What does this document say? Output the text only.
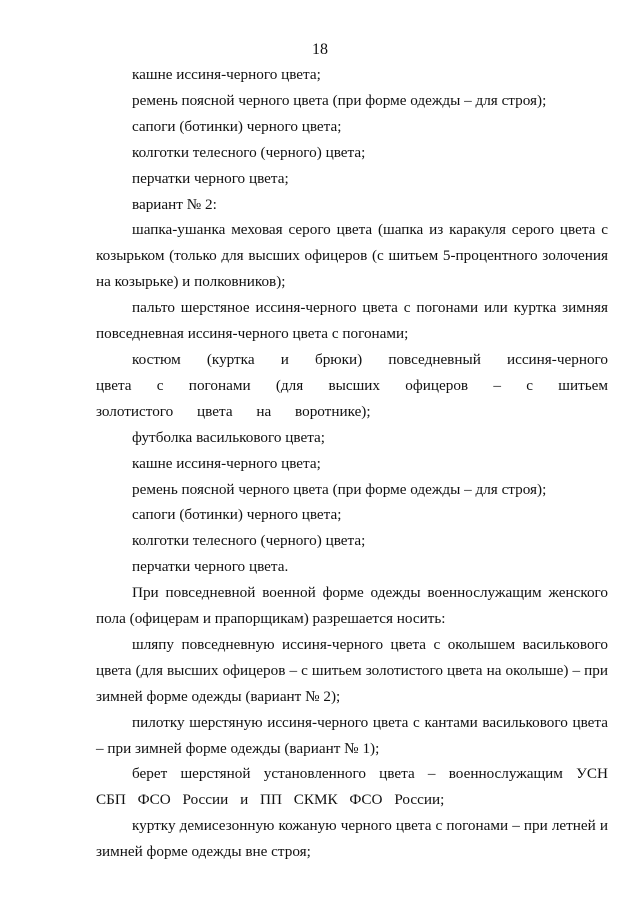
18

кашне иссиня-черного цвета;

ремень поясной черного цвета (при форме одежды – для строя);

сапоги (ботинки) черного цвета;

колготки телесного (черного) цвета;

перчатки черного цвета;

вариант № 2:

шапка-ушанка меховая серого цвета (шапка из каракуля серого цвета с козырьком (только для высших офицеров (с шитьем 5-процентного золочения на козырьке) и полковников);

пальто шерстяное иссиня-черного цвета с погонами или куртка зимняя повседневная иссиня-черного цвета с погонами;

костюм (куртка и брюки) повседневный иссиня-черного цвета с погонами (для высших офицеров – с шитьем золотистого цвета на воротнике);

футболка василькового цвета;

кашне иссиня-черного цвета;

ремень поясной черного цвета (при форме одежды – для строя);

сапоги (ботинки) черного цвета;

колготки телесного (черного) цвета;

перчатки черного цвета.

При повседневной военной форме одежды военнослужащим женского пола (офицерам и прапорщикам) разрешается носить:

шляпу повседневную иссиня-черного цвета с околышем василькового цвета (для высших офицеров – с шитьем золотистого цвета на околыше) – при зимней форме одежды (вариант № 2);

пилотку шерстяную иссиня-черного цвета с кантами василькового цвета – при зимней форме одежды (вариант № 1);

берет шерстяной установленного цвета – военнослужащим УСН СБП ФСО России и ПП СКМК ФСО России;

куртку демисезонную кожаную черного цвета с погонами – при летней и зимней форме одежды вне строя;
